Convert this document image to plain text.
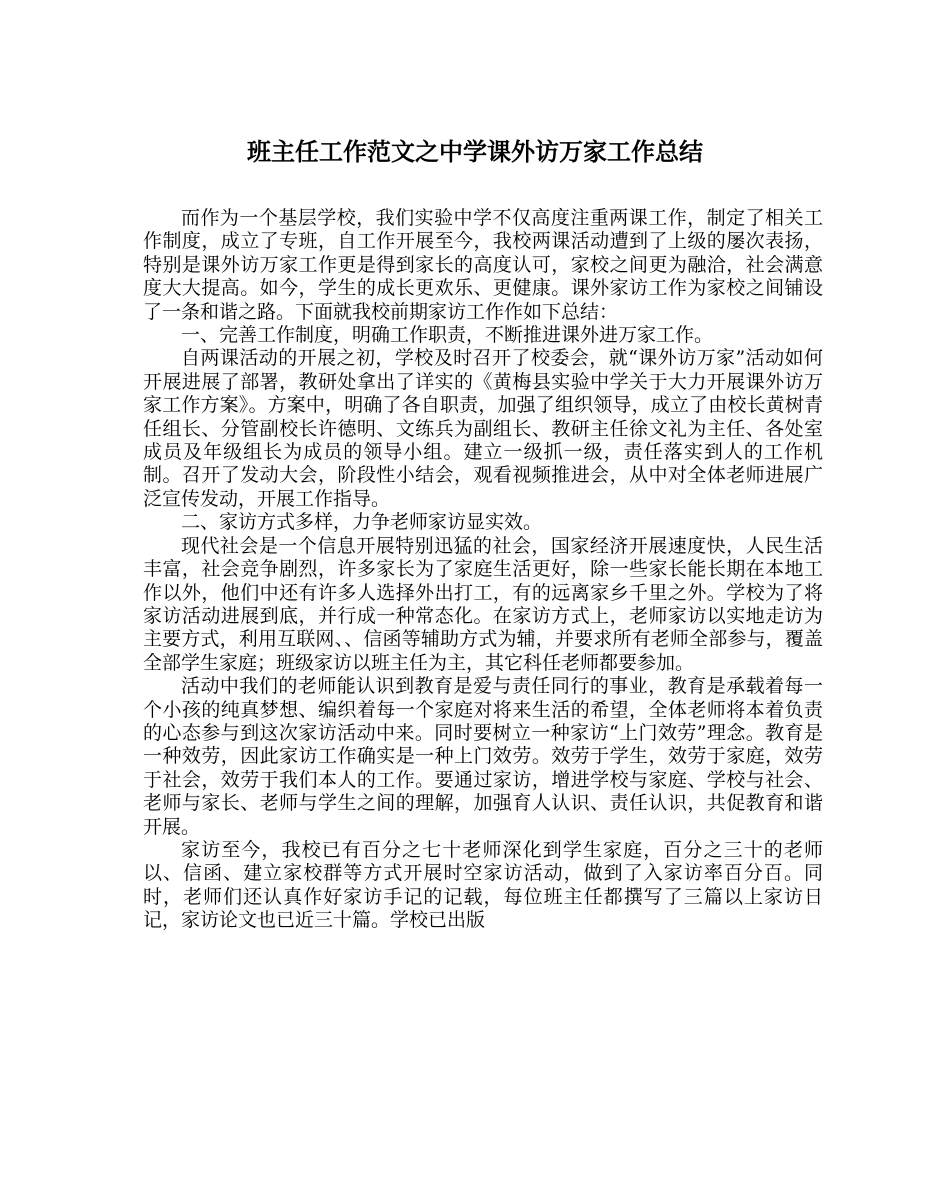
班主任工作范文之中学课外访万家工作总结

而作为一个基层学校，我们实验中学不仅高度注重两课工作，制定了相关工作制度，成立了专班，自工作开展至今，我校两课活动遭到了上级的屡次表扬，特别是课外访万家工作更是得到家长的高度认可，家校之间更为融洽，社会满意度大大提高。如今，学生的成长更欢乐、更健康。课外家访工作为家校之间铺设了一条和谐之路。下面就我校前期家访工作作如下总结：

一、完善工作制度，明确工作职责，不断推进课外进万家工作。

自两课活动的开展之初，学校及时召开了校委会，就“课外访万家”活动如何开展进展了部署，教研处拿出了详实的《黄梅县实验中学关于大力开展课外访万家工作方案》。方案中，明确了各自职责，加强了组织领导，成立了由校长黄树青任组长、分管副校长许德明、文练兵为副组长、教研主任徐文礼为主任、各处室成员及年级组长为成员的领导小组。建立一级抓一级，责任落实到人的工作机制。召开了发动大会，阶段性小结会，观看视频推进会，从中对全体老师进展广泛宣传发动，开展工作指导。

二、家访方式多样，力争老师家访显实效。

现代社会是一个信息开展特别迅猛的社会，国家经济开展速度快，人民生活丰富，社会竞争剧烈，许多家长为了家庭生活更好，除一些家长能长期在本地工作以外，他们中还有许多人选择外出打工，有的远离家乡千里之外。学校为了将家访活动进展到底，并行成一种常态化。在家访方式上，老师家访以实地走访为主要方式，利用互联网、、信函等辅助方式为辅，并要求所有老师全部参与，覆盖全部学生家庭；班级家访以班主任为主，其它科任老师都要参加。

活动中我们的老师能认识到教育是爱与责任同行的事业，教育是承载着每一个小孩的纯真梦想、编织着每一个家庭对将来生活的希望，全体老师将本着负责的心态参与到这次家访活动中来。同时要树立一种家访“上门效劳”理念。教育是一种效劳，因此家访工作确实是一种上门效劳。效劳于学生，效劳于家庭，效劳于社会，效劳于我们本人的工作。要通过家访，增进学校与家庭、学校与社会、老师与家长、老师与学生之间的理解，加强育人认识、责任认识，共促教育和谐开展。

家访至今，我校已有百分之七十老师深化到学生家庭，百分之三十的老师以、信函、建立家校群等方式开展时空家访活动，做到了入家访率百分百。同时，老师们还认真作好家访手记的记载，每位班主任都撰写了三篇以上家访日记，家访论文也已近三十篇。学校已出版
